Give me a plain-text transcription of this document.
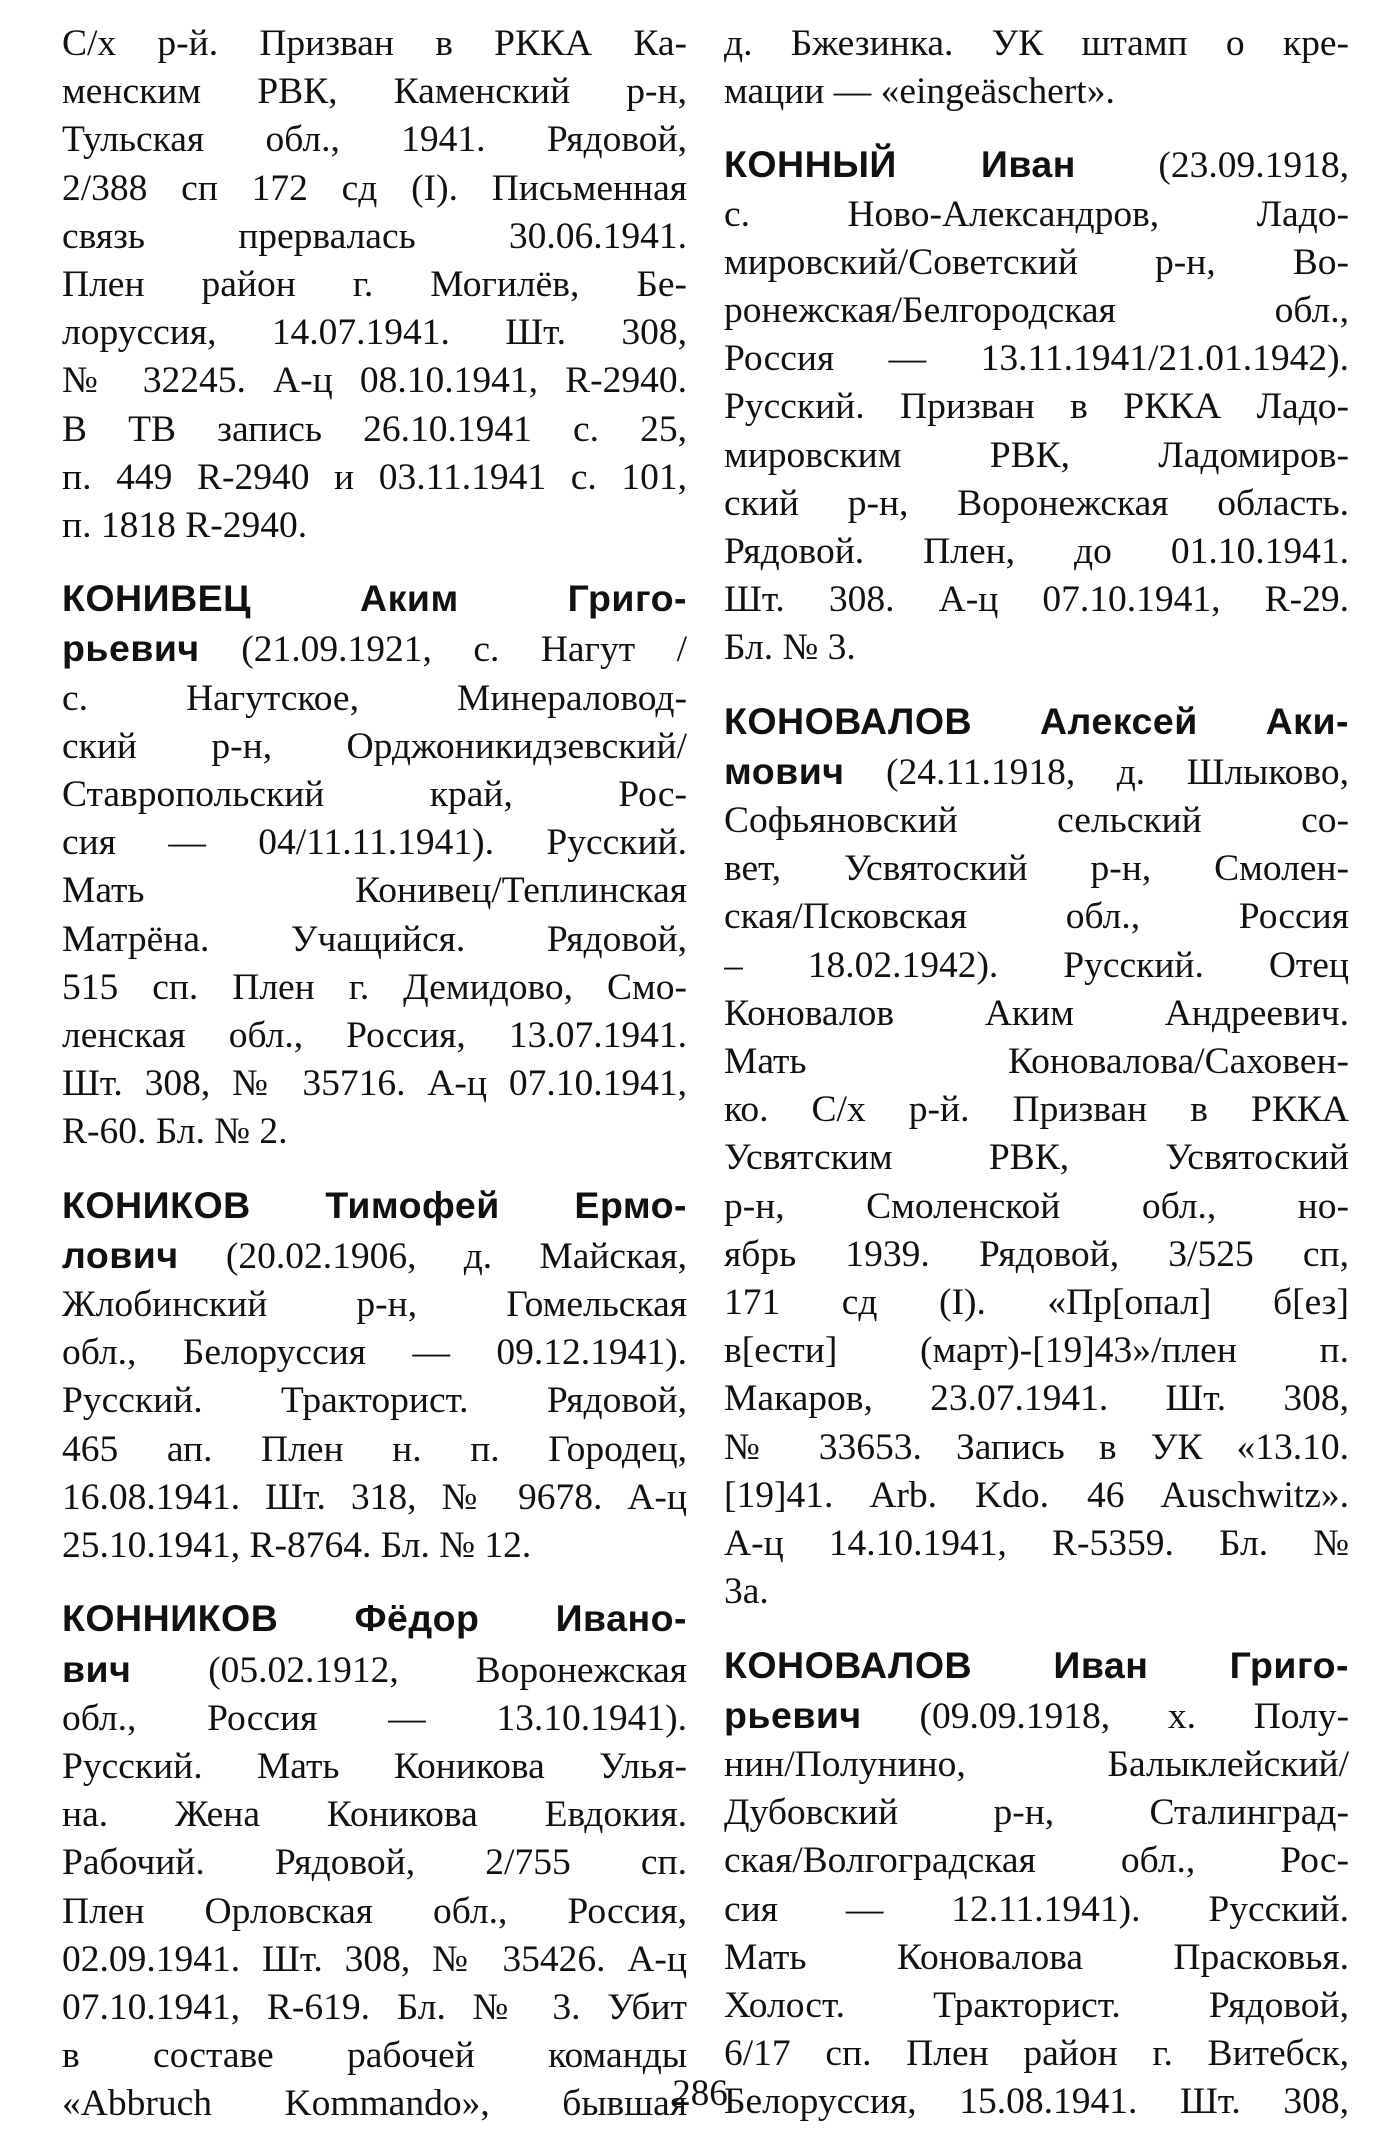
С/х р-й. Призван в РККА Ка-
менским РВК, Каменский р-н,
Тульская обл., 1941. Рядовой,
2/388 сп 172 сд (I). Письменная
связь прервалась 30.06.1941.
Плен район г. Могилёв, Бе-
лоруссия, 14.07.1941. Шт. 308,
№ 32245. А-ц 08.10.1941, R-2940.
В ТВ запись 26.10.1941 с. 25,
п. 449 R-2940 и 03.11.1941 с. 101,
п. 1818 R-2940.
КОНИВЕЦ Аким Григо-
рьевич (21.09.1921, с. Нагут /
с. Нагутское, Минераловод-
ский р-н, Орджоникидзевский/
Ставропольский край, Рос-
сия — 04/11.11.1941). Русский.
Мать Конивец/Теплинская
Матрёна. Учащийся. Рядовой,
515 сп. Плен г. Демидово, Смо-
ленская обл., Россия, 13.07.1941.
Шт. 308, № 35716. А-ц 07.10.1941,
R-60. Бл. № 2.
КОНИКОВ Тимофей Ермо-
лович (20.02.1906, д. Майская,
Жлобинский р-н, Гомельская
обл., Белоруссия — 09.12.1941).
Русский. Тракторист. Рядовой,
465 ап. Плен н. п. Городец,
16.08.1941. Шт. 318, № 9678. А-ц
25.10.1941, R-8764. Бл. № 12.
КОННИКОВ Фёдор Ивано-
вич (05.02.1912, Воронежская
обл., Россия — 13.10.1941).
Русский. Мать Коникова Улья-
на. Жена Коникова Евдокия.
Рабочий. Рядовой, 2/755 сп.
Плен Орловская обл., Россия,
02.09.1941. Шт. 308, № 35426. А-ц
07.10.1941, R-619. Бл. № 3. Убит
в составе рабочей команды
«Abbruch Kommando», бывшая
д. Бжезинка. УК штамп о кре-
мации — «eingeäschert».
КОННЫЙ Иван (23.09.1918,
с. Ново-Александров, Ладо-
мировский/Советский р-н, Во-
ронежская/Белгородская обл.,
Россия — 13.11.1941/21.01.1942).
Русский. Призван в РККА Ладо-
мировским РВК, Ладомиров-
ский р-н, Воронежская область.
Рядовой. Плен, до 01.10.1941.
Шт. 308. А-ц 07.10.1941, R-29.
Бл. № 3.
КОНОВАЛОВ Алексей Аки-
мович (24.11.1918, д. Шлыково,
Софьяновский сельский со-
вет, Усвятоский р-н, Смолен-
ская/Псковская обл., Россия
– 18.02.1942). Русский. Отец
Коновалов Аким Андреевич.
Мать Коновалова/Саховен-
ко. С/х р-й. Призван в РККА
Усвятским РВК, Усвятоский
р-н, Смоленской обл., но-
ябрь 1939. Рядовой, 3/525 сп,
171 сд (I). «Пр[опал] б[ез]
в[ести] (март)-[19]43»/плен п.
Макаров, 23.07.1941. Шт. 308,
№ 33653. Запись в УК «13.10.
[19]41. Arb. Kdo. 46 Auschwitz».
А-ц 14.10.1941, R-5359. Бл. №
3а.
КОНОВАЛОВ Иван Григо-
рьевич (09.09.1918, х. Полу-
нин/Полунино, Балыклейский/
Дубовский р-н, Сталинград-
ская/Волгоградская обл., Рос-
сия — 12.11.1941). Русский.
Мать Коновалова Прасковья.
Холост. Тракторист. Рядовой,
6/17 сп. Плен район г. Витебск,
Белоруссия, 15.08.1941. Шт. 308,
286
